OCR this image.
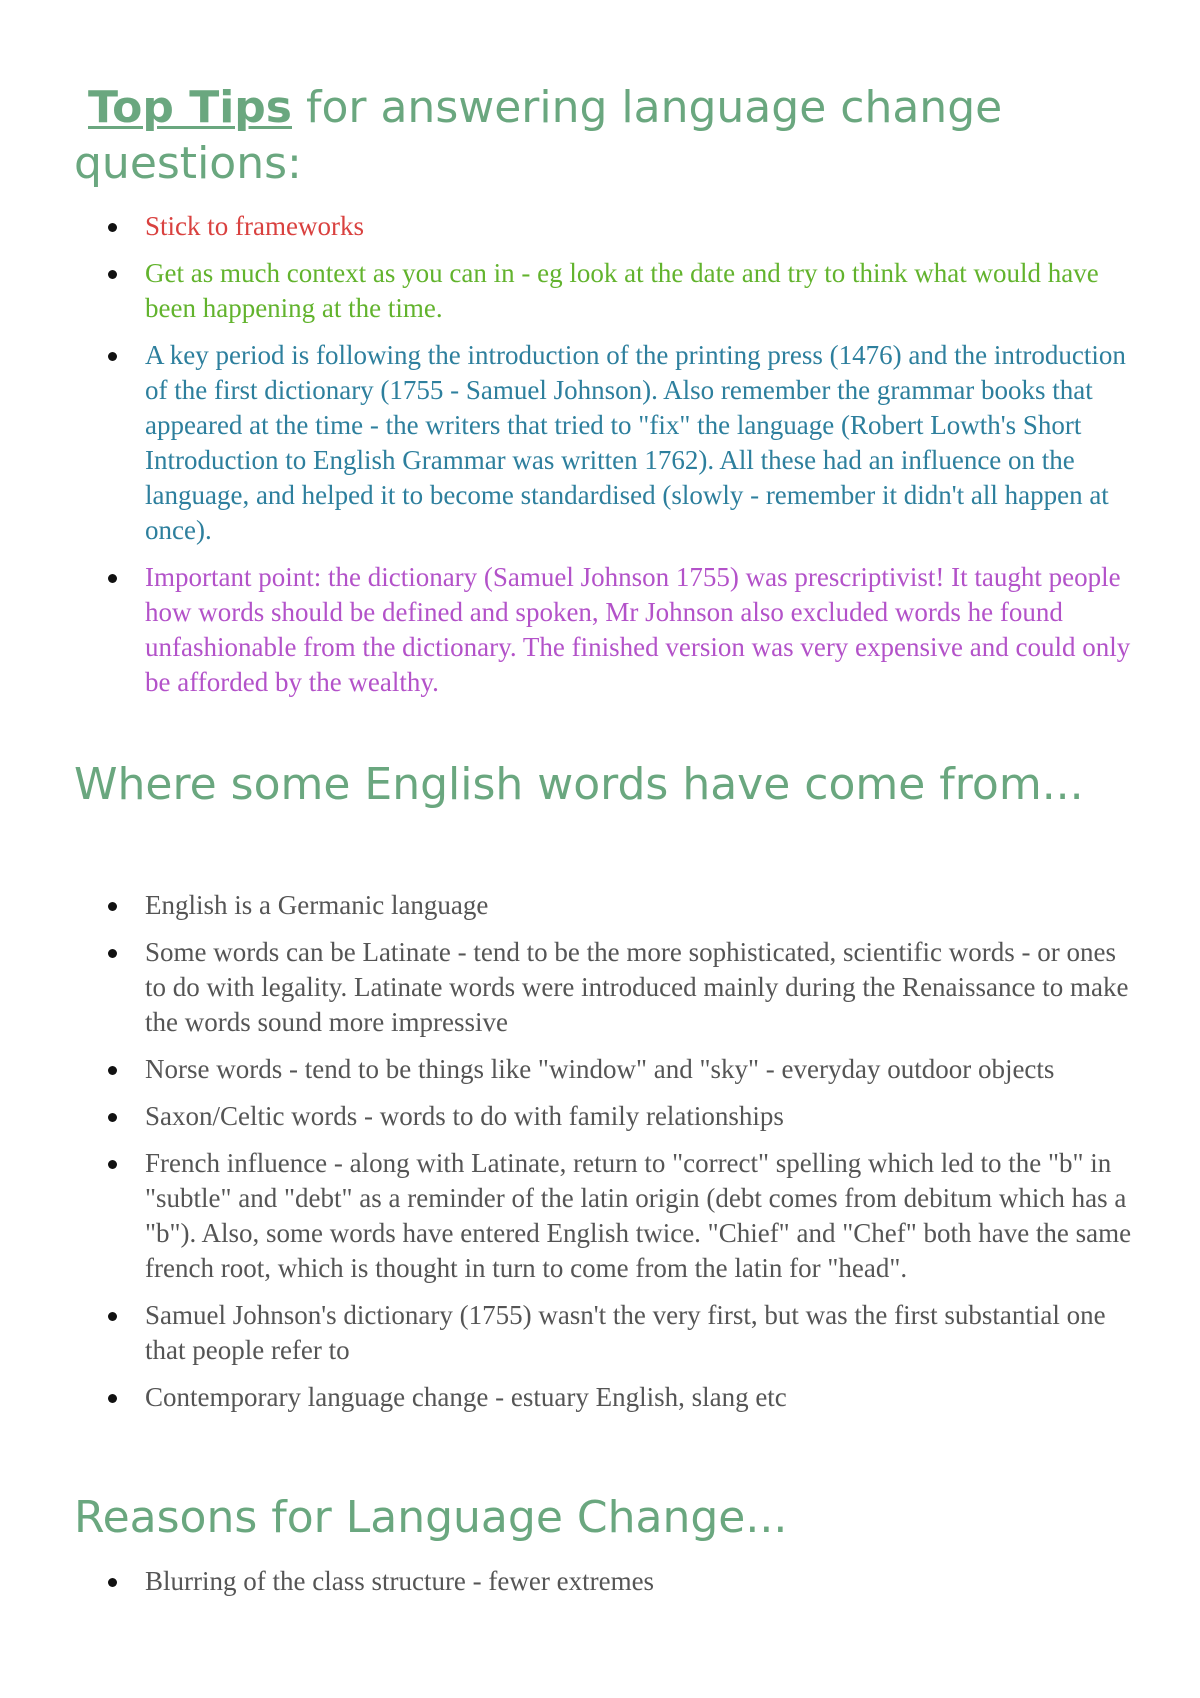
Top Tips for answering language change questions:
Stick to frameworks
Get as much context as you can in - eg look at the date and try to think what would have been happening at the time.
A key period is following the introduction of the printing press (1476) and the introduction of the first dictionary (1755 - Samuel Johnson). Also remember the grammar books that appeared at the time - the writers that tried to "fix" the language (Robert Lowth's Short Introduction to English Grammar was written 1762). All these had an influence on the language, and helped it to become standardised (slowly - remember it didn't all happen at once).
Important point: the dictionary (Samuel Johnson 1755) was prescriptivist! It taught people how words should be defined and spoken, Mr Johnson also excluded words he found unfashionable from the dictionary. The finished version was very expensive and could only be afforded by the wealthy.
Where some English words have come from...
English is a Germanic language
Some words can be Latinate - tend to be the more sophisticated, scientific words - or ones to do with legality. Latinate words were introduced mainly during the Renaissance to make the words sound more impressive
Norse words - tend to be things like "window" and "sky" - everyday outdoor objects
Saxon/Celtic words - words to do with family relationships
French influence - along with Latinate, return to "correct" spelling which led to the "b" in "subtle" and "debt" as a reminder of the latin origin (debt comes from debitum which has a "b"). Also, some words have entered English twice. "Chief" and "Chef" both have the same french root, which is thought in turn to come from the latin for "head".
Samuel Johnson's dictionary (1755) wasn't the very first, but was the first substantial one that people refer to
Contemporary language change - estuary English, slang etc
Reasons for Language Change...
Blurring of the class structure - fewer extremes
